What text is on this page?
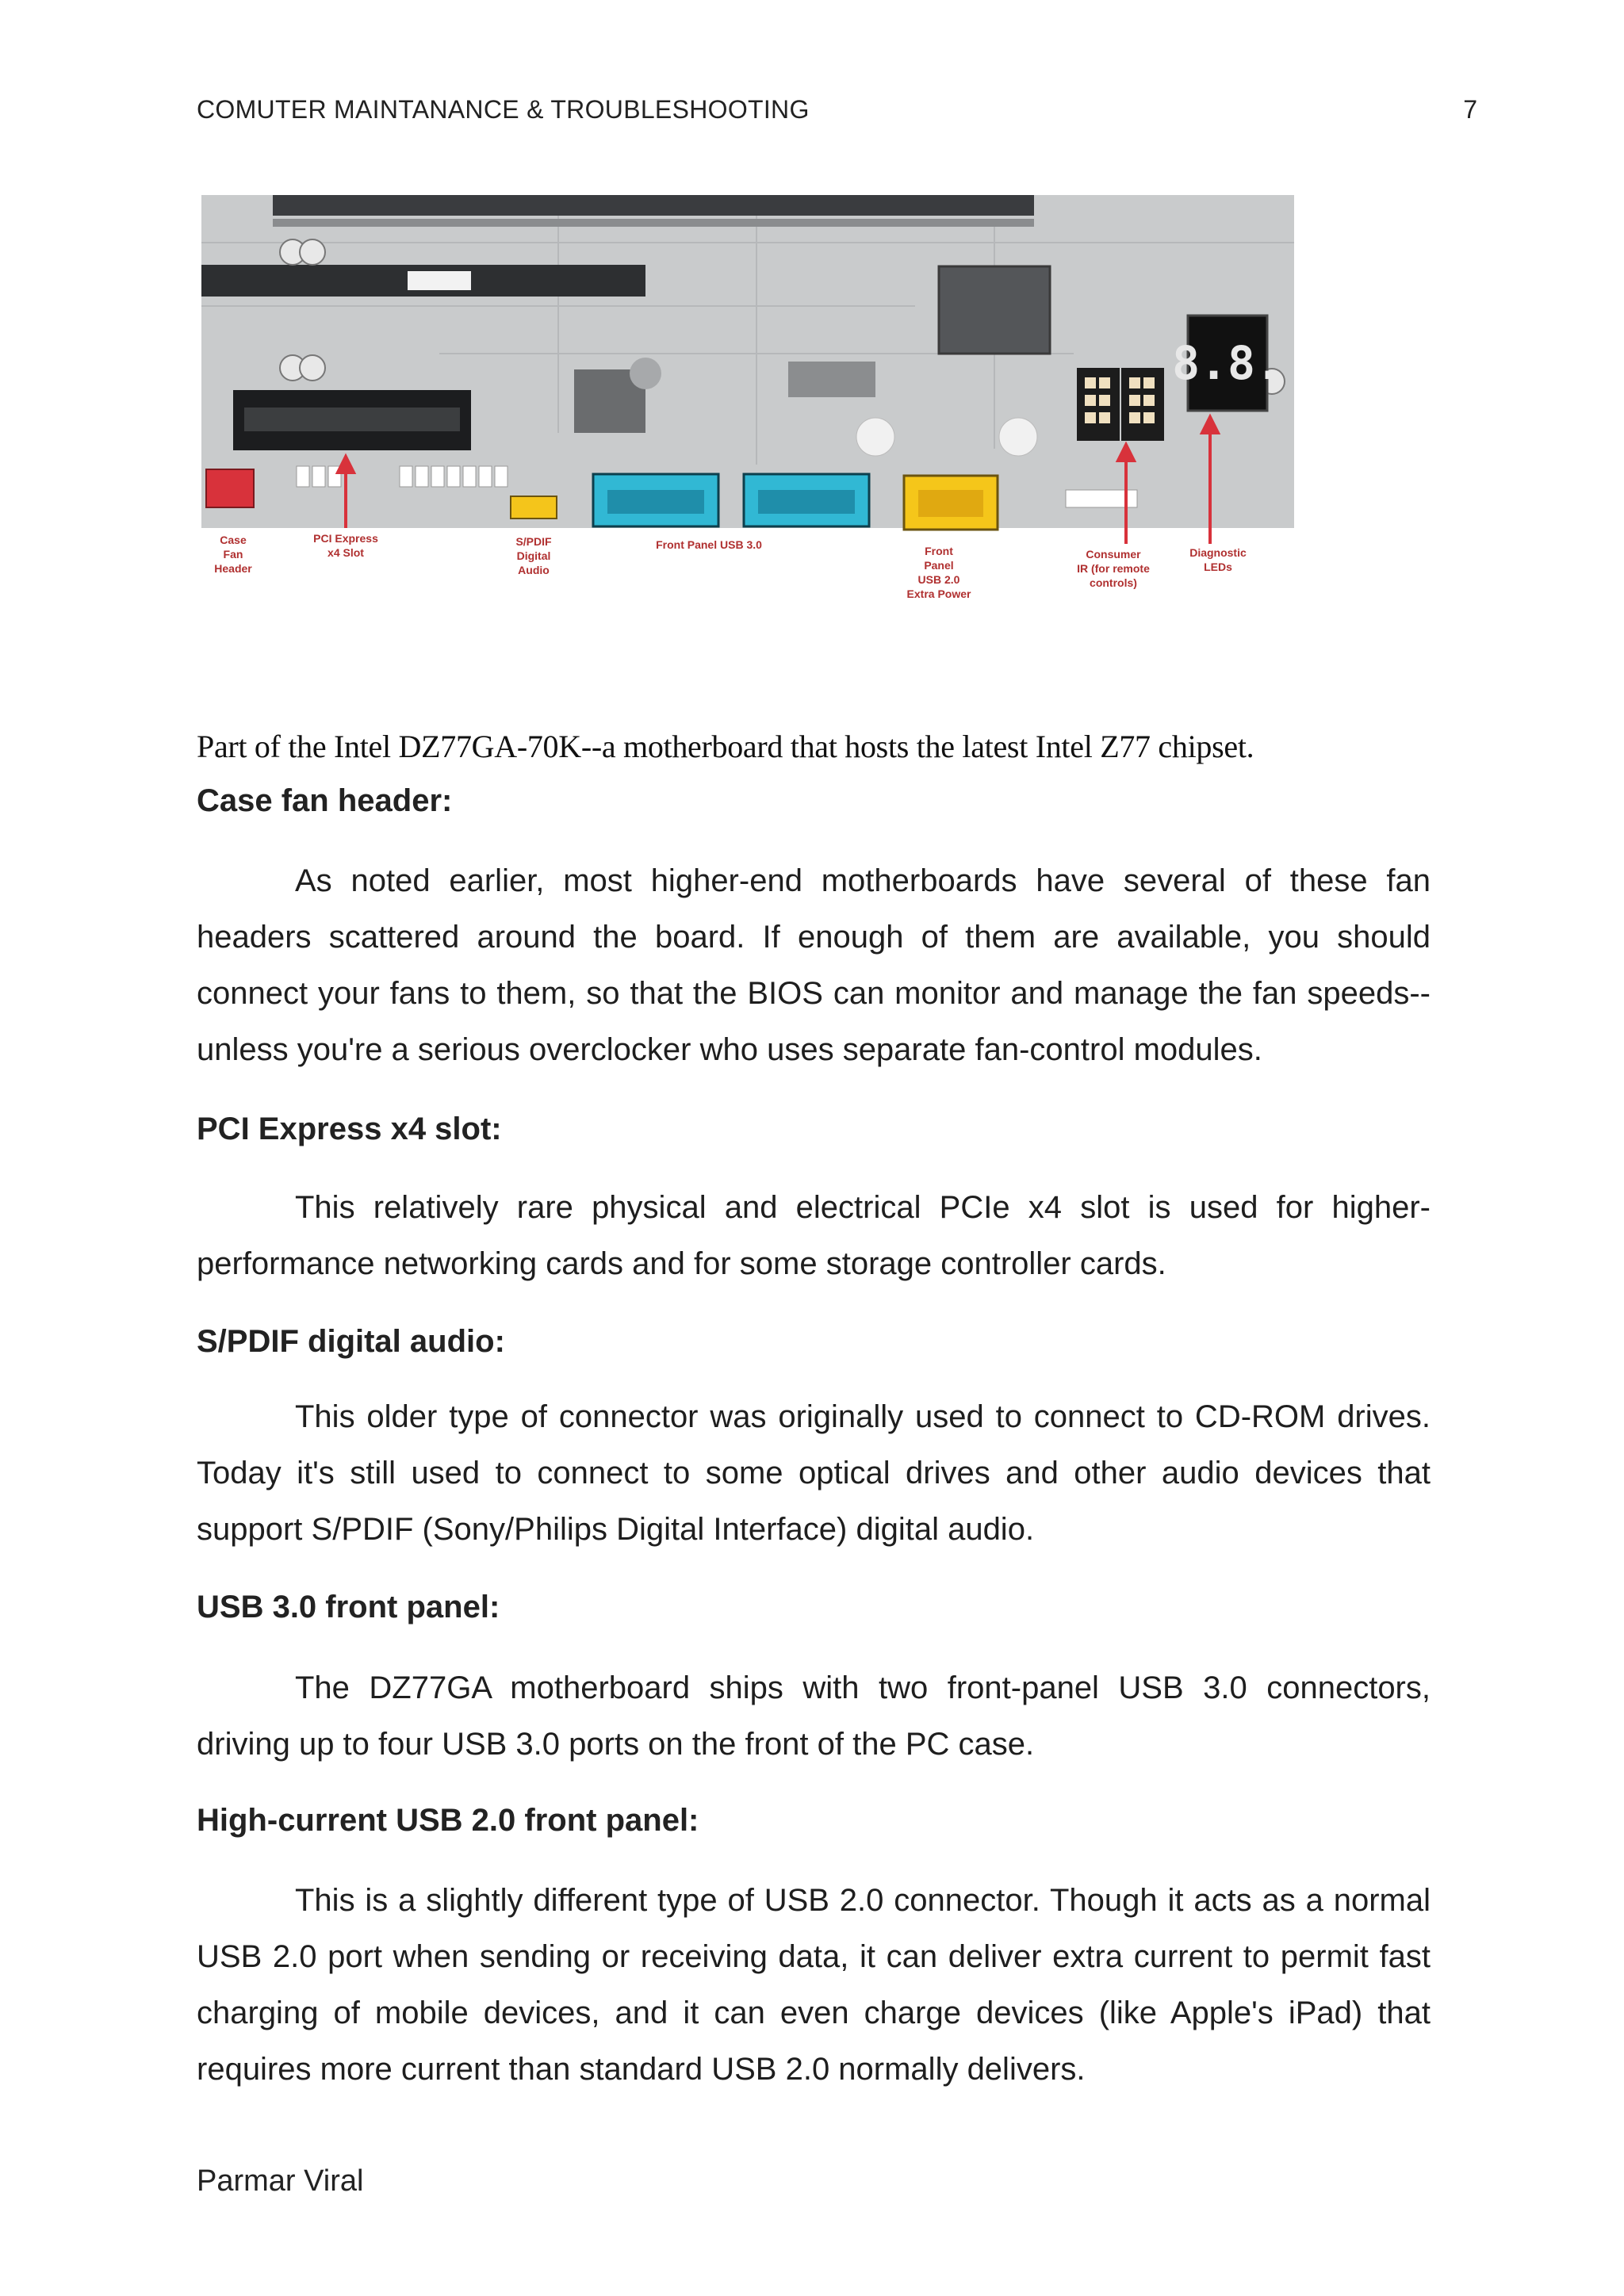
COMUTER MAINTANANCE & TROUBLESHOOTING	7
8.8.
Case
Fan
Header
PCI Express
x4 Slot
S/PDIF
Digital
Audio
Front Panel USB 3.0	Front
Panel
USB 2.0
Extra Power
Consumer
IR (for remote
controls)
Diagnostic
LEDs
Part of the Intel DZ77GA-70K--a motherboard that hosts the latest Intel Z77 chipset.
Case fan header:
As noted earlier, most higher-end motherboards have several of these fan headers scattered around the board. If enough of them are available, you should connect your fans to them, so that the BIOS can monitor and manage the fan speeds--unless you're a serious overclocker who uses separate fan-control modules.
PCI Express x4 slot:
This relatively rare physical and electrical PCIe x4 slot is used for higher-performance networking cards and for some storage controller cards.
S/PDIF digital audio:
This older type of connector was originally used to connect to CD-ROM drives. Today it's still used to connect to some optical drives and other audio devices that support S/PDIF (Sony/Philips Digital Interface) digital audio.
USB 3.0 front panel:
The DZ77GA motherboard ships with two front-panel USB 3.0 connectors, driving up to four USB 3.0 ports on the front of the PC case.
High-current USB 2.0 front panel:
This is a slightly different type of USB 2.0 connector. Though it acts as a normal USB 2.0 port when sending or receiving data, it can deliver extra current to permit fast charging of mobile devices, and it can even charge devices (like Apple's iPad) that requires more current than standard USB 2.0 normally delivers.
Parmar Viral
